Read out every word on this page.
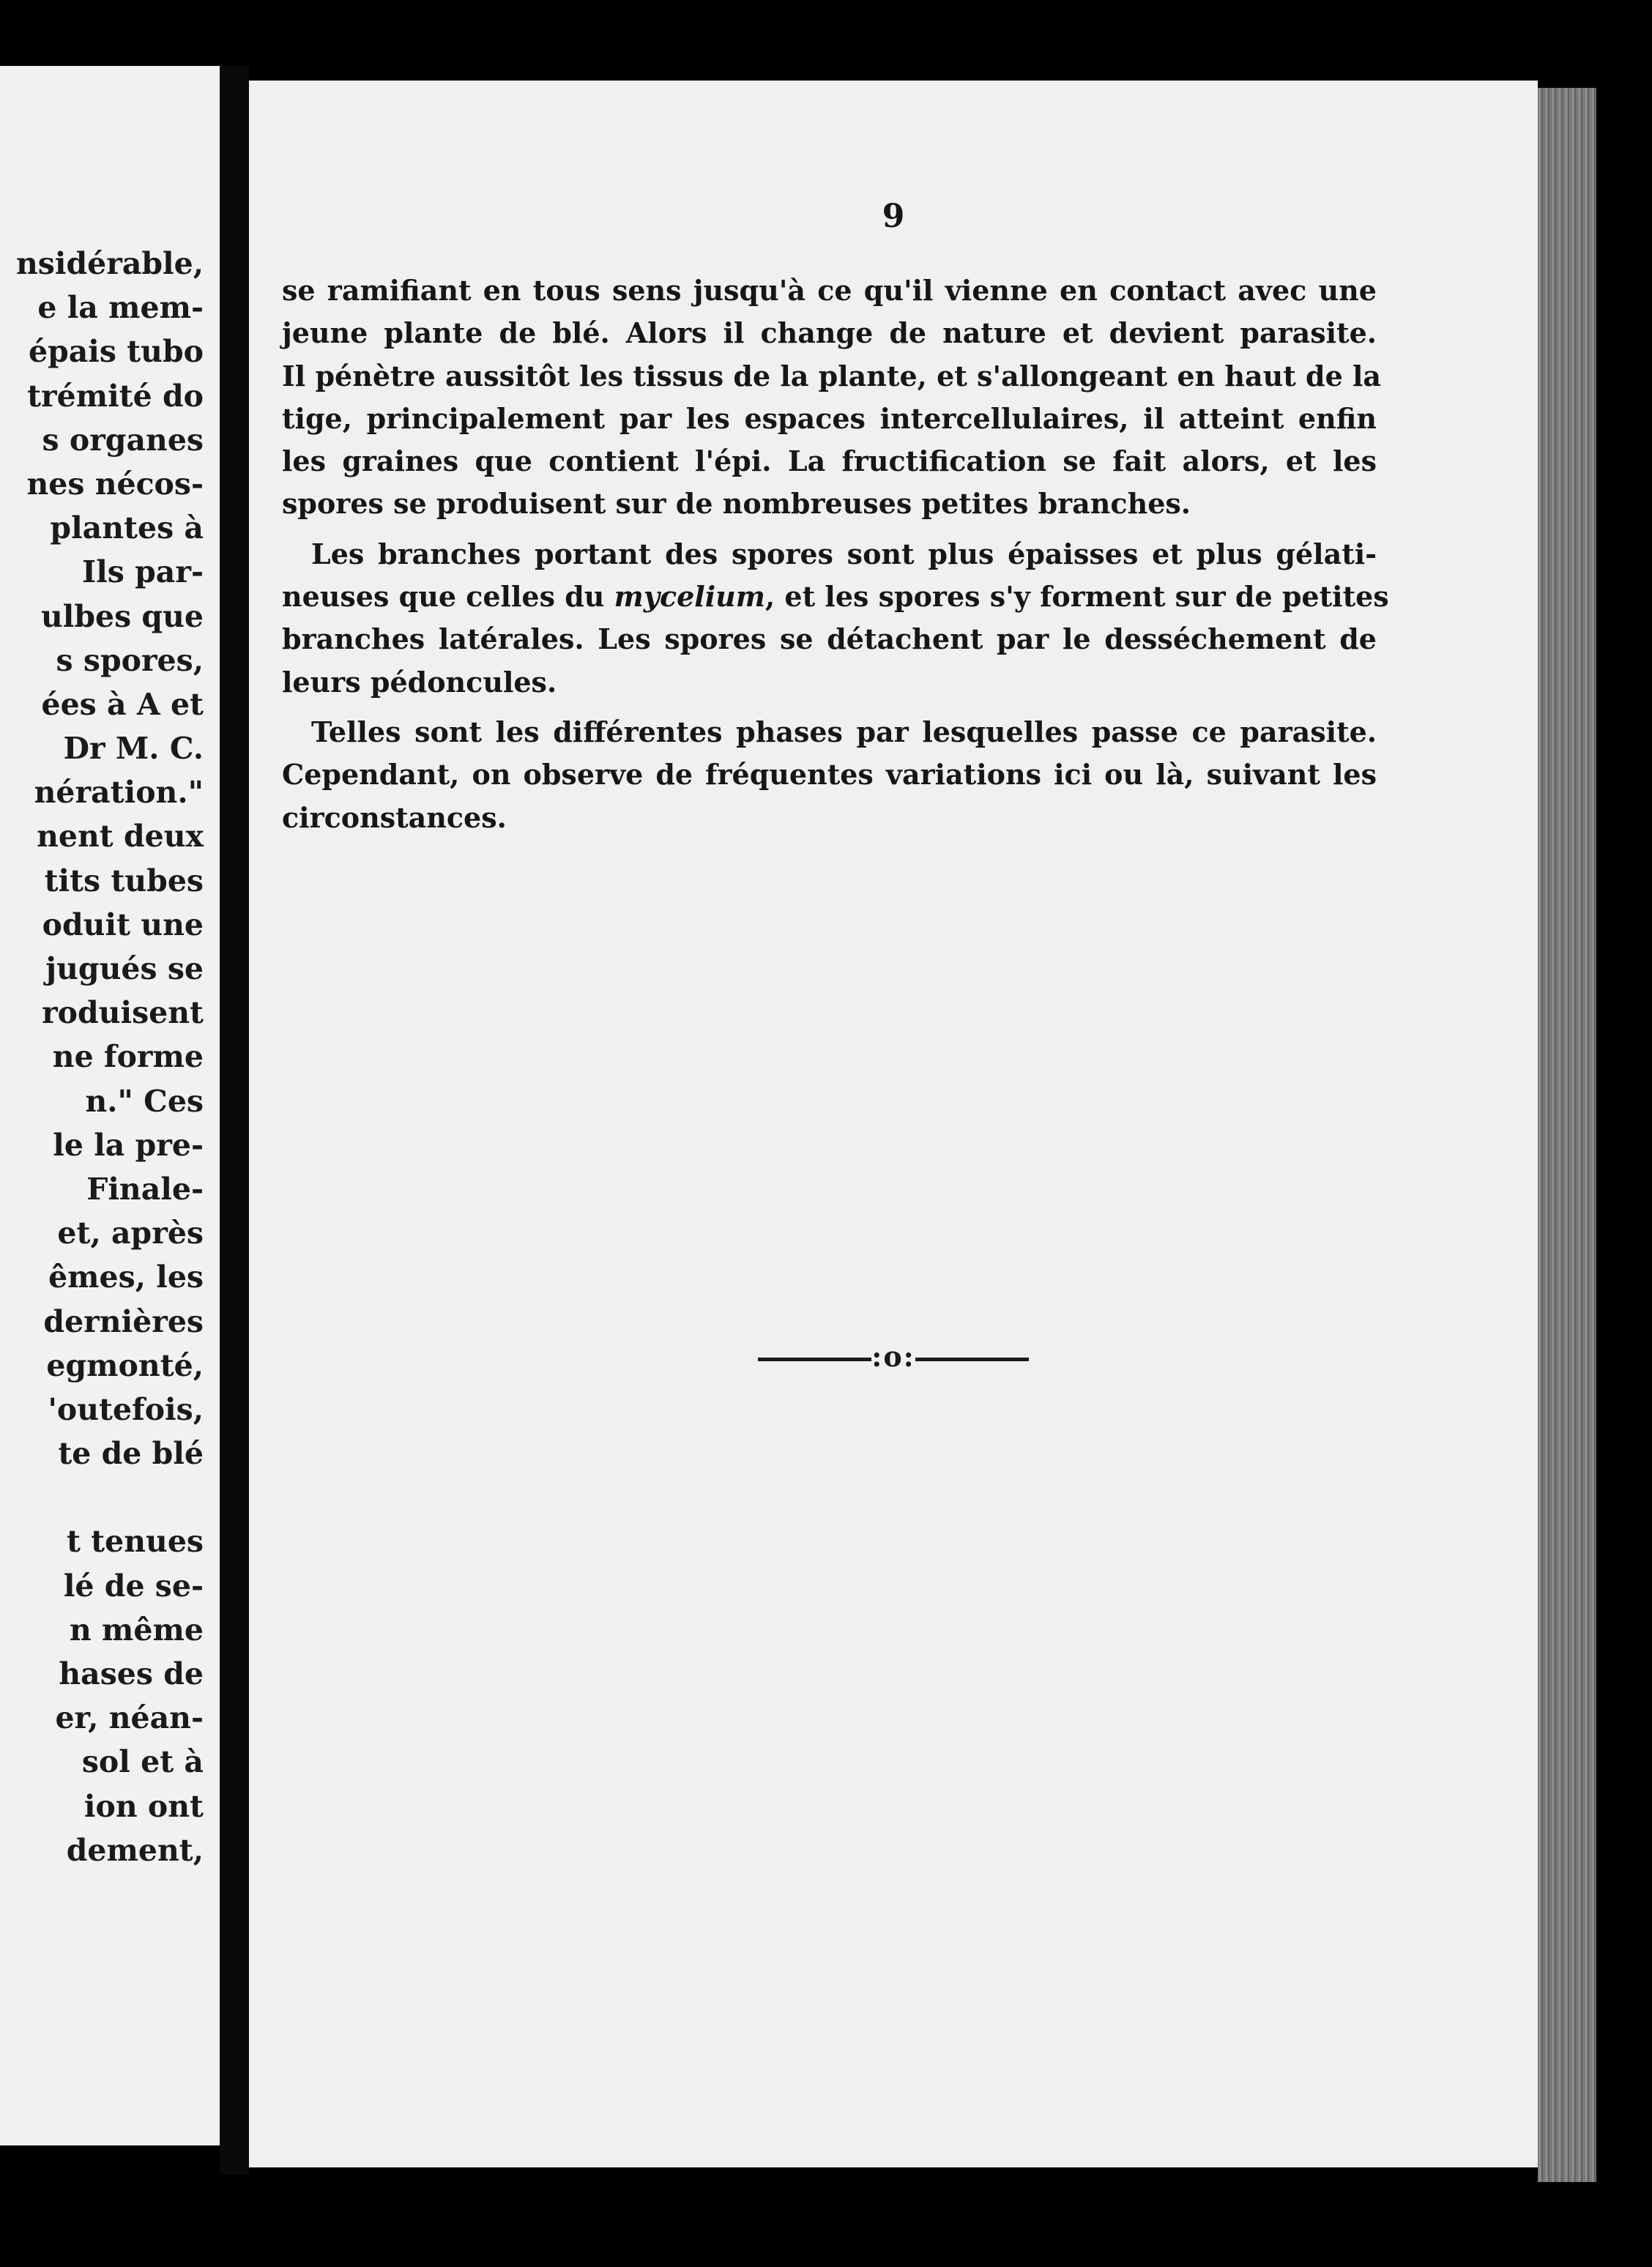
nsidérable,
e la mem-
épais tubo
trémité do
s organes
nes nécos-
plantes à
Ils par-
ulbes que
s spores,
ées à A et
Dr M. C.
nération."
nent deux
tits tubes
oduit une
jugués se
roduisent
ne forme
n." Ces
le la pre-
Finale-
et, après
êmes, les
dernières
egmonté,
'outefois,
te de blé
t tenues
lé de se-
n même
hases de
er, néan-
sol et à
ion ont
dement,
9

se ramifiant en tous sens jusqu'à ce qu'il vienne en contact avec une
jeune plante de blé. Alors il change de nature et devient parasite.
Il pénètre aussitôt les tissus de la plante, et s'allongeant en haut de la
tige, principalement par les espaces intercellulaires, il atteint enfin
les graines que contient l'épi. La fructification se fait alors, et les
spores se produisent sur de nombreuses petites branches.

Les branches portant des spores sont plus épaisses et plus gélati-
neuses que celles du mycelium, et les spores s'y forment sur de petites
branches latérales. Les spores se détachent par le desséchement de
leurs pédoncules.

Telles sont les différentes phases par lesquelles passe ce parasite.
Cependant, on observe de fréquentes variations ici ou là, suivant les
circonstances.

:o:
